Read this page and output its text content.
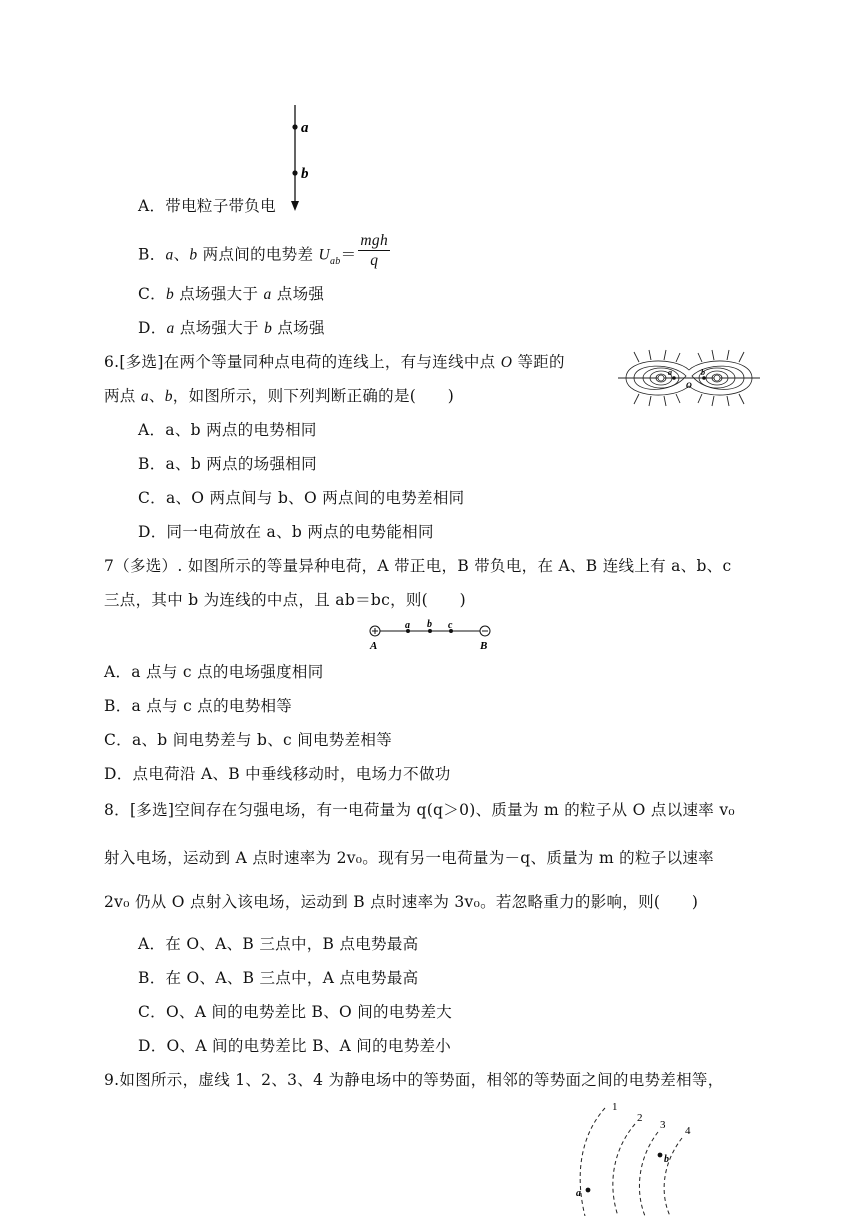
a
b
A．带电粒子带负电
B．a、b 两点间的电势差 $U_{ab}= \frac{\text{mgh}}{q}$
C．b 点场强大于 a 点场强
D．a 点场强大于 b 点场强
6.[多选]在两个等量同种点电荷的连线上，有与连线中点 O 等距的
两点 a、b，如图所示，则下列判断正确的是(　　)
a	b
O
A．a、b 两点的电势相同
B．a、b 两点的场强相同
C．a、O 两点间与 b、O 两点间的电势差相同
D．同一电荷放在 a、b 两点的电势能相同
7（多选）. 如图所示的等量异种电荷，A 带正电，B 带负电，在 A、B 连线上有 a、b、c
三点，其中 b 为连线的中点，且 ab＝bc，则(　　)
a b c
A	B
A．a 点与 c 点的电场强度相同
B．a 点与 c 点的电势相等
C．a、b 间电势差与 b、c 间电势差相等
D．点电荷沿 A、B 中垂线移动时，电场力不做功
8．[多选]空间存在匀强电场，有一电荷量为 q(q＞0)、质量为 m 的粒子从 O 点以速率 v₀
射入电场，运动到 A 点时速率为 2v₀。现有另一电荷量为－q、质量为 m 的粒子以速率
2v₀ 仍从 O 点射入该电场，运动到 B 点时速率为 3v₀。若忽略重力的影响，则(　　)
A．在 O、A、B 三点中，B 点电势最高
B．在 O、A、B 三点中，A 点电势最高
C．O、A 间的电势差比 B、O 间的电势差大
D．O、A 间的电势差比 B、A 间的电势差小
9.如图所示，虚线 1、2、3、4 为静电场中的等势面，相邻的等势面之间的电势差相等，
1
2
3 4
a
b
